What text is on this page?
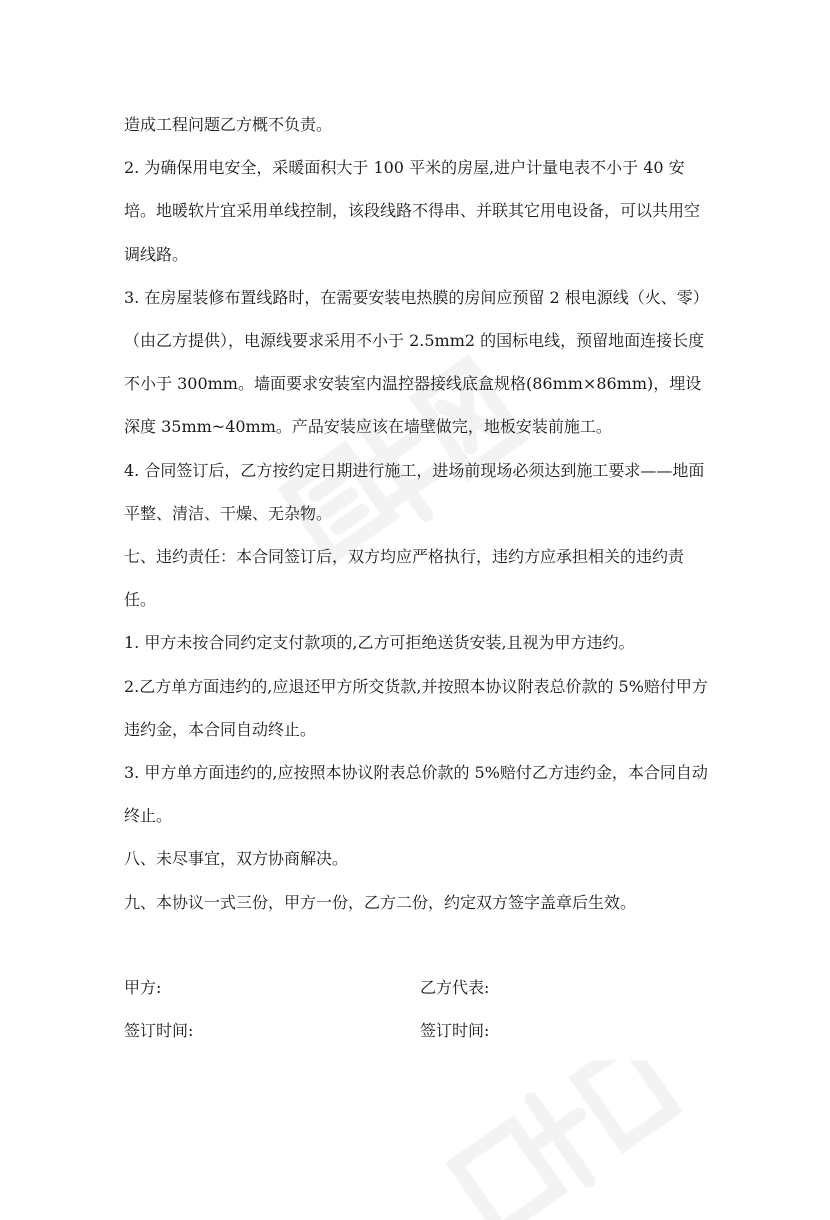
造成工程问题乙方概不负责。

2. 为确保用电安全，采暖面积大于 100 平米的房屋,进户计量电表不小于 40 安培。地暖软片宜采用单线控制，该段线路不得串、并联其它用电设备，可以共用空调线路。

3. 在房屋装修布置线路时，在需要安装电热膜的房间应预留 2 根电源线（火、零）（由乙方提供），电源线要求采用不小于 2.5mm2 的国标电线，预留地面连接长度不小于 300mm。墙面要求安装室内温控器接线底盒规格(86mm×86mm)，埋设深度 35mm~40mm。产品安装应该在墙壁做完，地板安装前施工。

4. 合同签订后，乙方按约定日期进行施工，进场前现场必须达到施工要求——地面平整、清洁、干燥、无杂物。

七、违约责任：本合同签订后，双方均应严格执行，违约方应承担相关的违约责任。

1. 甲方未按合同约定支付款项的,乙方可拒绝送货安装,且视为甲方违约。

2.乙方单方面违约的,应退还甲方所交货款,并按照本协议附表总价款的 5%赔付甲方违约金，本合同自动终止。

3. 甲方单方面违约的,应按照本协议附表总价款的 5%赔付乙方违约金，本合同自动终止。

八、未尽事宜，双方协商解决。

九、本协议一式三份，甲方一份，乙方二份，约定双方签字盖章后生效。

甲方:	乙方代表:
签订时间:	签订时间:
